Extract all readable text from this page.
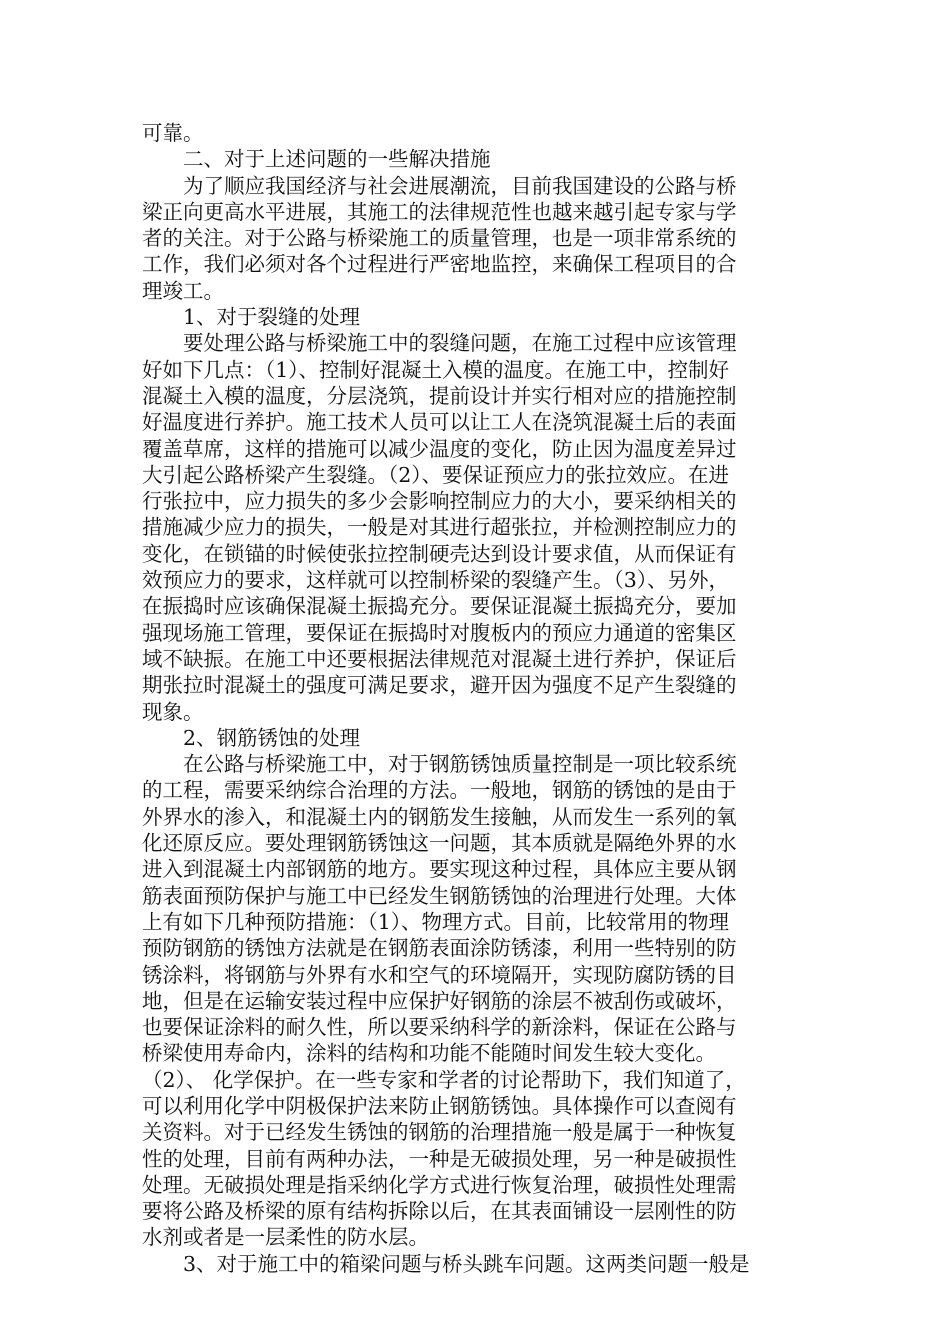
可靠。
二、对于上述问题的一些解决措施
为了顺应我国经济与社会进展潮流，目前我国建设的公路与桥
梁正向更高水平进展，其施工的法律规范性也越来越引起专家与学
者的关注。对于公路与桥梁施工的质量管理，也是一项非常系统的
工作，我们必须对各个过程进行严密地监控，来确保工程项目的合
理竣工。
1、对于裂缝的处理
要处理公路与桥梁施工中的裂缝问题，在施工过程中应该管理
好如下几点：（1）、控制好混凝土入模的温度。在施工中，控制好
混凝土入模的温度，分层浇筑，提前设计并实行相对应的措施控制
好温度进行养护。施工技术人员可以让工人在浇筑混凝土后的表面
覆盖草席，这样的措施可以减少温度的变化，防止因为温度差异过
大引起公路桥梁产生裂缝。（2）、要保证预应力的张拉效应。在进
行张拉中，应力损失的多少会影响控制应力的大小，要采纳相关的
措施减少应力的损失，一般是对其进行超张拉，并检测控制应力的
变化，在锁锚的时候使张拉控制硬壳达到设计要求值，从而保证有
效预应力的要求，这样就可以控制桥梁的裂缝产生。（3）、另外，
在振捣时应该确保混凝土振捣充分。要保证混凝土振捣充分，要加
强现场施工管理，要保证在振捣时对腹板内的预应力通道的密集区
域不缺振。在施工中还要根据法律规范对混凝土进行养护，保证后
期张拉时混凝土的强度可满足要求，避开因为强度不足产生裂缝的
现象。
2、钢筋锈蚀的处理
在公路与桥梁施工中，对于钢筋锈蚀质量控制是一项比较系统
的工程，需要采纳综合治理的方法。一般地，钢筋的锈蚀的是由于
外界水的渗入，和混凝土内的钢筋发生接触，从而发生一系列的氧
化还原反应。要处理钢筋锈蚀这一问题，其本质就是隔绝外界的水
进入到混凝土内部钢筋的地方。要实现这种过程，具体应主要从钢
筋表面预防保护与施工中已经发生钢筋锈蚀的治理进行处理。大体
上有如下几种预防措施：（1）、物理方式。目前，比较常用的物理
预防钢筋的锈蚀方法就是在钢筋表面涂防锈漆，利用一些特别的防
锈涂料，将钢筋与外界有水和空气的环境隔开，实现防腐防锈的目
地，但是在运输安装过程中应保护好钢筋的涂层不被刮伤或破坏，
也要保证涂料的耐久性，所以要采纳科学的新涂料，保证在公路与
桥梁使用寿命内，涂料的结构和功能不能随时间发生较大变化。
（2）、 化学保护。在一些专家和学者的讨论帮助下，我们知道了，
可以利用化学中阴极保护法来防止钢筋锈蚀。具体操作可以查阅有
关资料。对于已经发生锈蚀的钢筋的治理措施一般是属于一种恢复
性的处理，目前有两种办法，一种是无破损处理，另一种是破损性
处理。无破损处理是指采纳化学方式进行恢复治理，破损性处理需
要将公路及桥梁的原有结构拆除以后，在其表面铺设一层刚性的防
水剂或者是一层柔性的防水层。
3、对于施工中的箱梁问题与桥头跳车问题。这两类问题一般是
